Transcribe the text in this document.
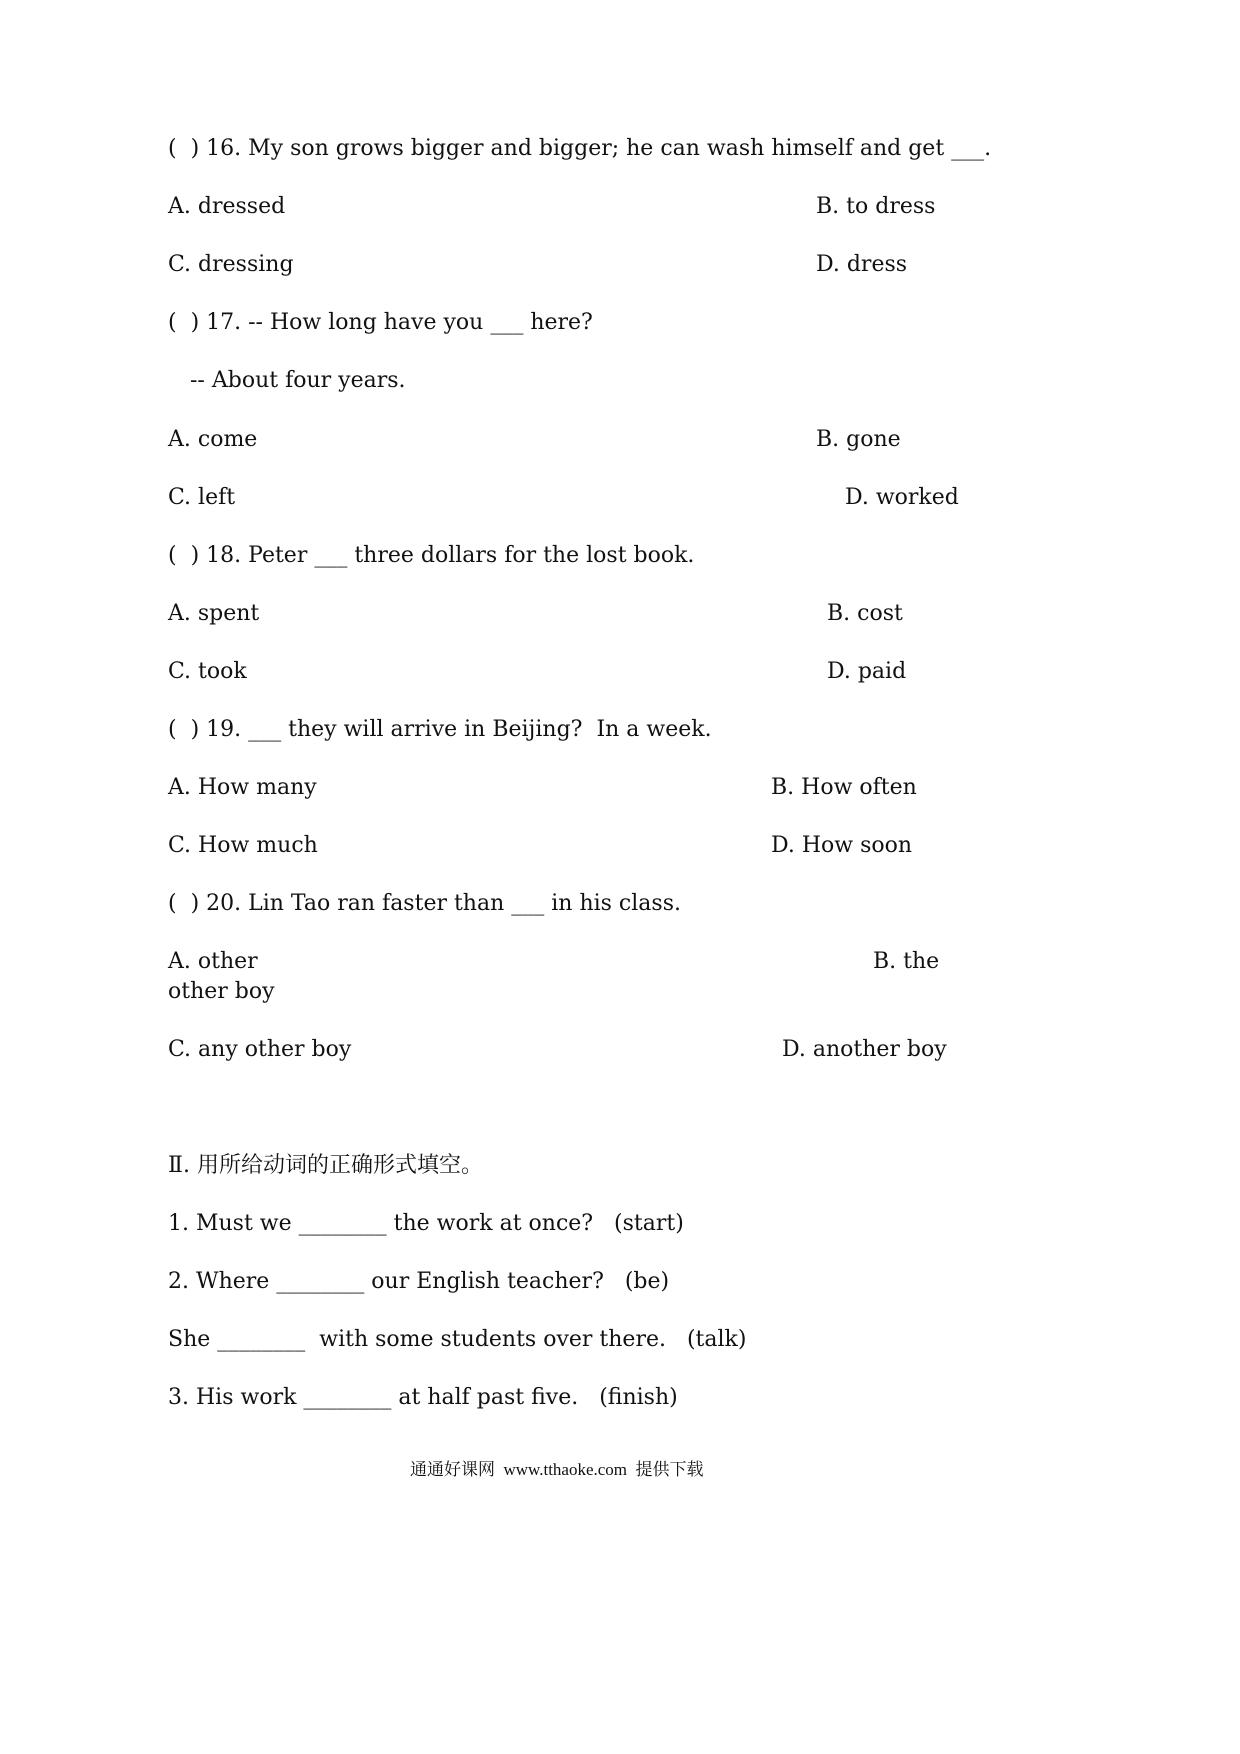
(  ) 16. My son grows bigger and bigger; he can wash himself and get ___.
A. dressed	B. to dress
C. dressing	D. dress
(  ) 17. -- How long have you ___ here?
-- About four years.
A. come	B. gone
C. left	D. worked
(  ) 18. Peter ___ three dollars for the lost book.
A. spent	B. cost
C. took	D. paid
(  ) 19. ___ they will arrive in Beijing?  In a week.
A. How many	B. How often
C. How much	D. How soon
(  ) 20. Lin Tao ran faster than ___ in his class.
A. other	B. the
other boy
C. any other boy	D. another boy
Ⅱ. 用所给动词的正确形式填空。
1. Must we ________ the work at once?   (start)
2. Where ________ our English teacher?   (be)
She ________  with some students over there.   (talk)
3. His work ________ at half past five.   (finish)
通通好课网  www.tthaoke.com  提供下载
